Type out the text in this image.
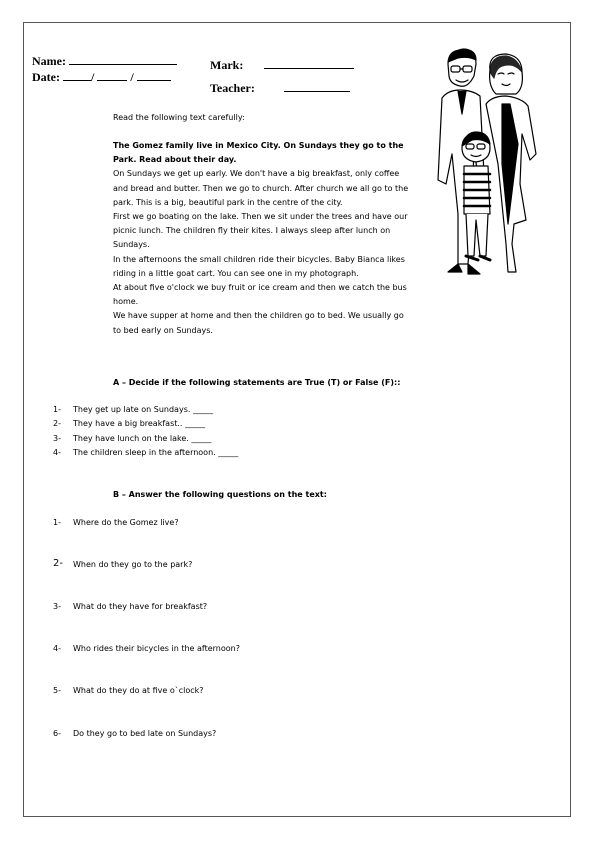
Name:
Date:	/	/
Mark:
Teacher:
Read the following text carefully:

The Gomez family live in Mexico City. On Sundays they go to the Park. Read about their day.

On Sundays we get up early. We don't have a big breakfast, only coffee and bread and butter. Then we go to church. After church we all go to the park. This is a big, beautiful park in the centre of the city.

First we go boating on the lake. Then we sit under the trees and have our picnic lunch. The children fly their kites. I always sleep after lunch on Sundays.

In the afternoons the small children ride their bicycles. Baby Bianca likes riding in a little goat cart. You can see one in my photograph.

At about five o'clock we buy fruit or ice cream and then we catch the bus home.

We have supper at home and then the children go to bed. We usually go to bed early on Sundays.

A – Decide if the following statements are True (T) or False (F)::
1- They get up late on Sundays. _____
2- They have a big breakfast.. _____
3- They have lunch on the lake. _____
4- The children sleep in the afternoon. _____
B – Answer the following questions on the text:
1- Where do the Gomez live?
2- When do they go to the park?
3- What do they have for breakfast?
4- Who rides their bicycles in the afternoon?
5- What do they do at five o`clock?
6- Do they go to bed late on Sundays?
